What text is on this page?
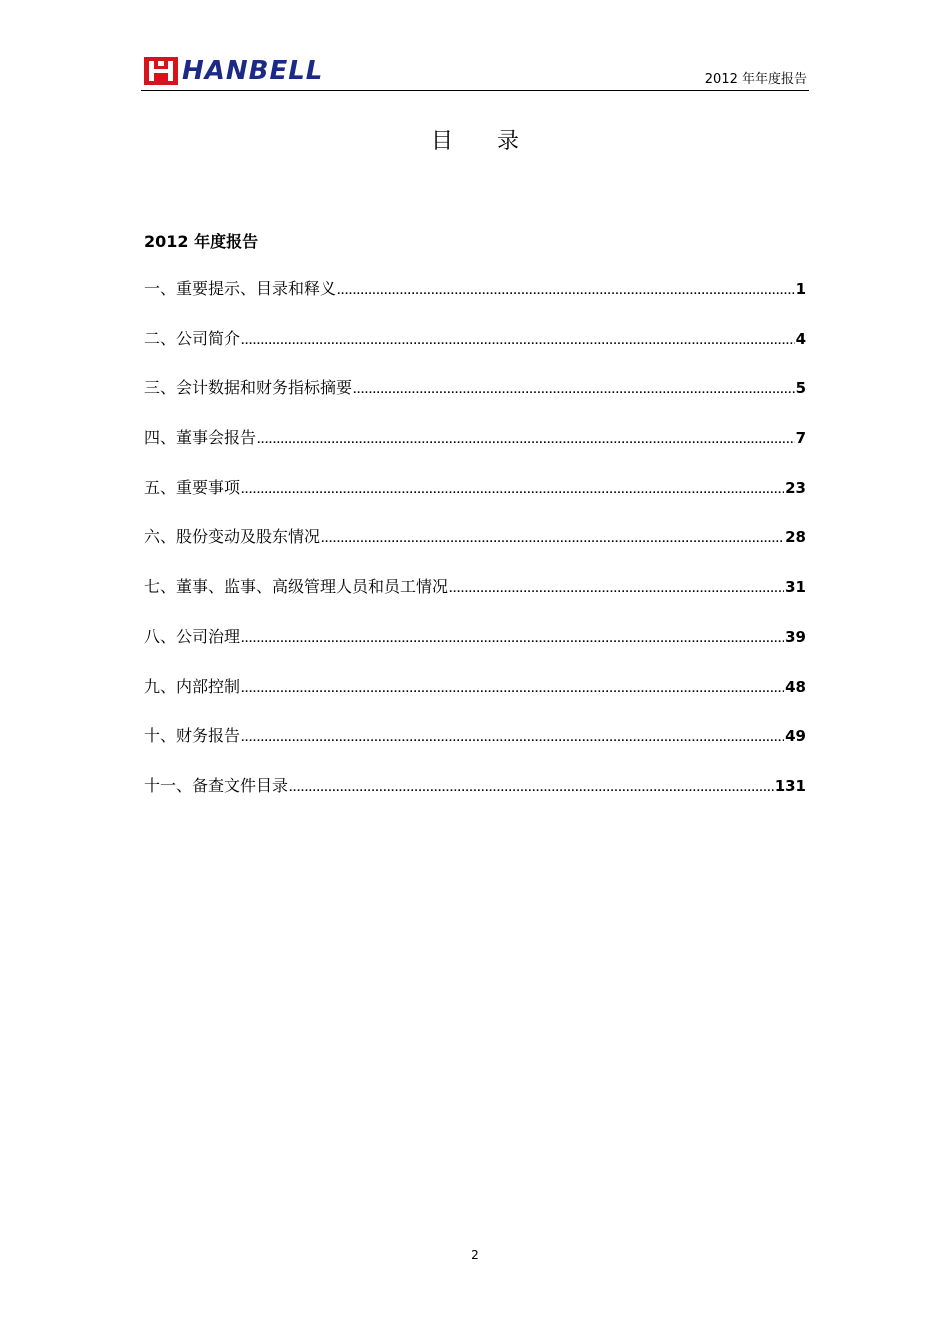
HANBELL	2012 年年度报告
目录
2012 年度报告
一、重要提示、目录和释义 .....	1
二、公司简介 .....	4
三、会计数据和财务指标摘要 .....	5
四、董事会报告 .....	7
五、重要事项 .....	23
六、股份变动及股东情况 .....	28
七、董事、监事、高级管理人员和员工情况 .....	31
八、公司治理 .....	39
九、内部控制 .....	48
十、财务报告 .....	49
十一、备查文件目录 .....	131
2
